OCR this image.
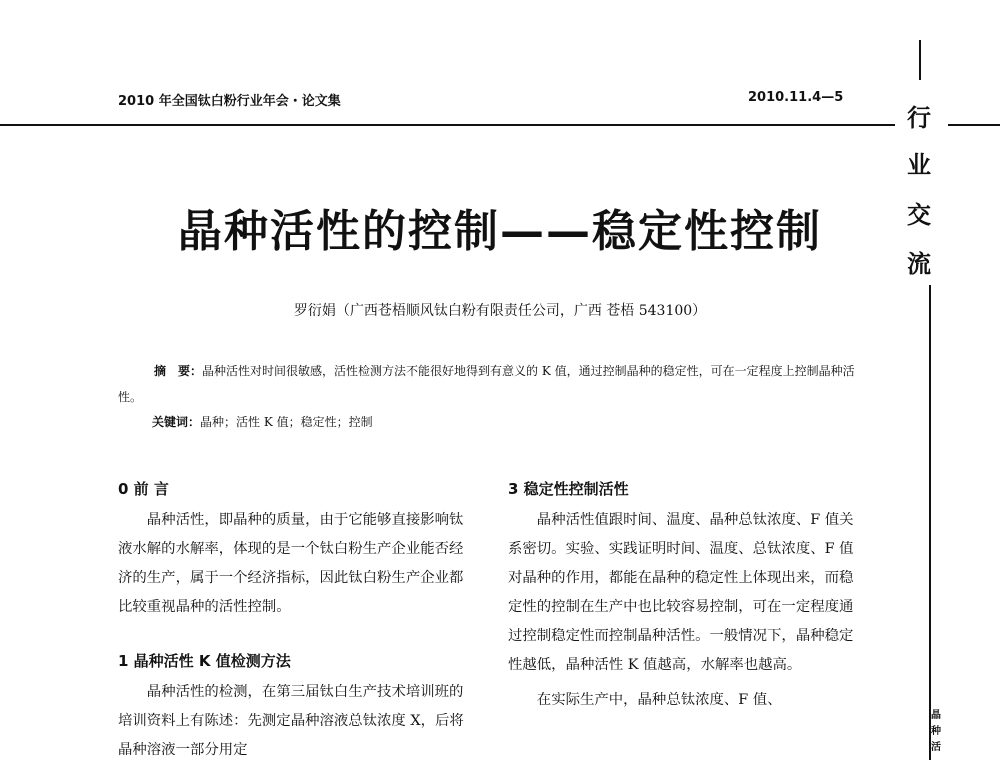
2010 年全国钛白粉行业年会・论文集	2010.11.4—5
行
业
交
流
晶
种
活
晶种活性的控制——稳定性控制
罗衍娟（广西苍梧顺风钛白粉有限责任公司，广西 苍梧 543100）
摘　要：晶种活性对时间很敏感，活性检测方法不能很好地得到有意义的 K 值，通过控制晶种的稳定性，可在一定程度上控制晶种活性。
关键词：晶种；活性 K 值；稳定性；控制
0 前 言

晶种活性，即晶种的质量，由于它能够直接影响钛液水解的水解率，体现的是一个钛白粉生产企业能否经济的生产，属于一个经济指标，因此钛白粉生产企业都比较重视晶种的活性控制。

1 晶种活性 K 值检测方法

晶种活性的检测，在第三届钛白生产技术培训班的培训资料上有陈述：先测定晶种溶液总钛浓度 X，后将晶种溶液一部分用定

3 稳定性控制活性

晶种活性值跟时间、温度、晶种总钛浓度、F 值关系密切。实验、实践证明时间、温度、总钛浓度、F 值对晶种的作用，都能在晶种的稳定性上体现出来，而稳定性的控制在生产中也比较容易控制，可在一定程度通过控制稳定性而控制晶种活性。一般情况下，晶种稳定性越低，晶种活性 K 值越高，水解率也越高。

在实际生产中，晶种总钛浓度、F 值、
